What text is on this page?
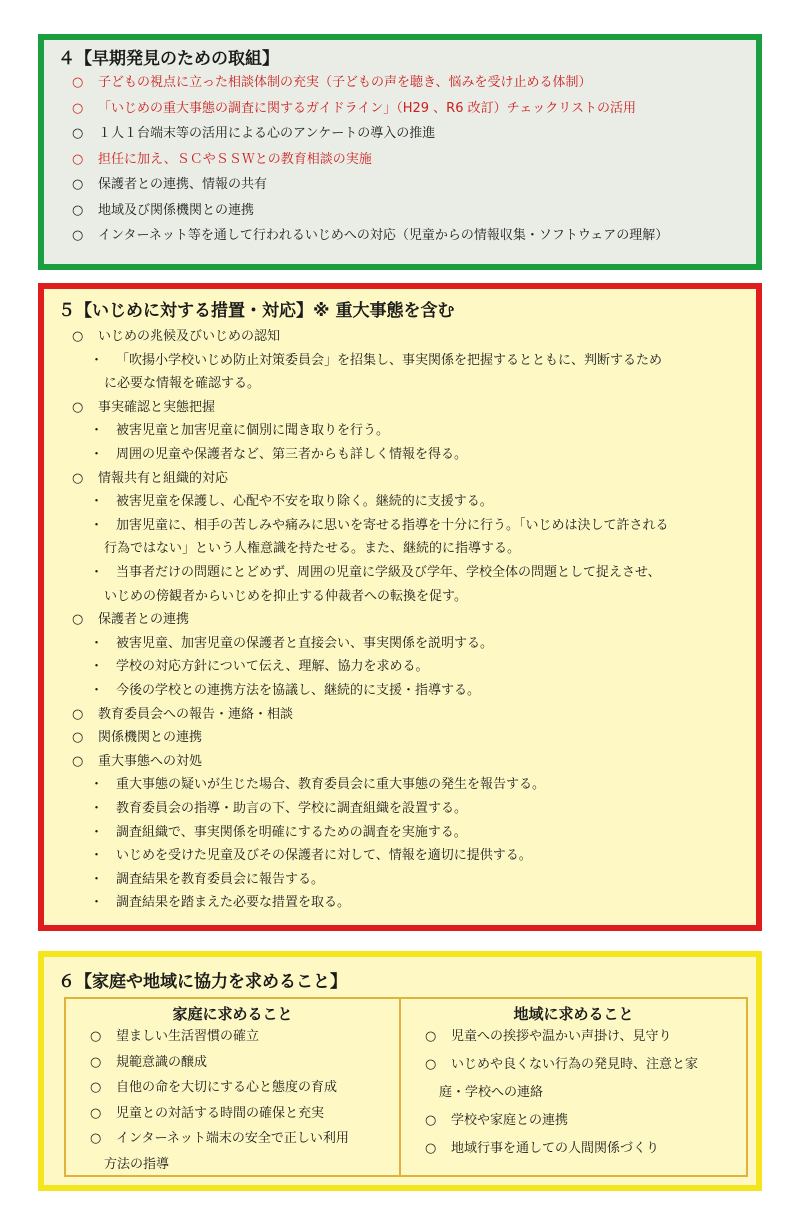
４【早期発見のための取組】
○ 子どもの視点に立った相談体制の充実（子どもの声を聴き、悩みを受け止める体制）
○ 「いじめの重大事態の調査に関するガイドライン」（H29 、R6 改訂）チェックリストの活用
○ １人１台端末等の活用による心のアンケートの導入の推進
○ 担任に加え、ＳＣやＳＳＷとの教育相談の実施
○ 保護者との連携、情報の共有
○ 地域及び関係機関との連携
○ インターネット等を通して行われるいじめへの対応（児童からの情報収集・ソフトウェアの理解）
５【いじめに対する措置・対応】※ 重大事態を含む
○ いじめの兆候及びいじめの認知
・ 「吹揚小学校いじめ防止対策委員会」を招集し、事実関係を把握するとともに、判断するため
に必要な情報を確認する。
○ 事実確認と実態把握
・ 被害児童と加害児童に個別に聞き取りを行う。
・ 周囲の児童や保護者など、第三者からも詳しく情報を得る。
○ 情報共有と組織的対応
・ 被害児童を保護し、心配や不安を取り除く。継続的に支援する。
・ 加害児童に、相手の苦しみや痛みに思いを寄せる指導を十分に行う。「いじめは決して許される
行為ではない」という人権意識を持たせる。また、継続的に指導する。
・ 当事者だけの問題にとどめず、周囲の児童に学級及び学年、学校全体の問題として捉えさせ、
いじめの傍観者からいじめを抑止する仲裁者への転換を促す。
○ 保護者との連携
・ 被害児童、加害児童の保護者と直接会い、事実関係を説明する。
・ 学校の対応方針について伝え、理解、協力を求める。
・ 今後の学校との連携方法を協議し、継続的に支援・指導する。
○ 教育委員会への報告・連絡・相談
○ 関係機関との連携
○ 重大事態への対処
・ 重大事態の疑いが生じた場合、教育委員会に重大事態の発生を報告する。
・ 教育委員会の指導・助言の下、学校に調査組織を設置する。
・ 調査組織で、事実関係を明確にするための調査を実施する。
・ いじめを受けた児童及びその保護者に対して、情報を適切に提供する。
・ 調査結果を教育委員会に報告する。
・ 調査結果を踏まえた必要な措置を取る。
６【家庭や地域に協力を求めること】
家庭に求めること
○ 望ましい生活習慣の確立
○ 規範意識の醸成
○ 自他の命を大切にする心と態度の育成
○ 児童との対話する時間の確保と充実
○ インターネット端末の安全で正しい利用
方法の指導
地域に求めること
○ 児童への挨拶や温かい声掛け、見守り
○ いじめや良くない行為の発見時、注意と家
庭・学校への連絡
○ 学校や家庭との連携
○ 地域行事を通しての人間関係づくり
